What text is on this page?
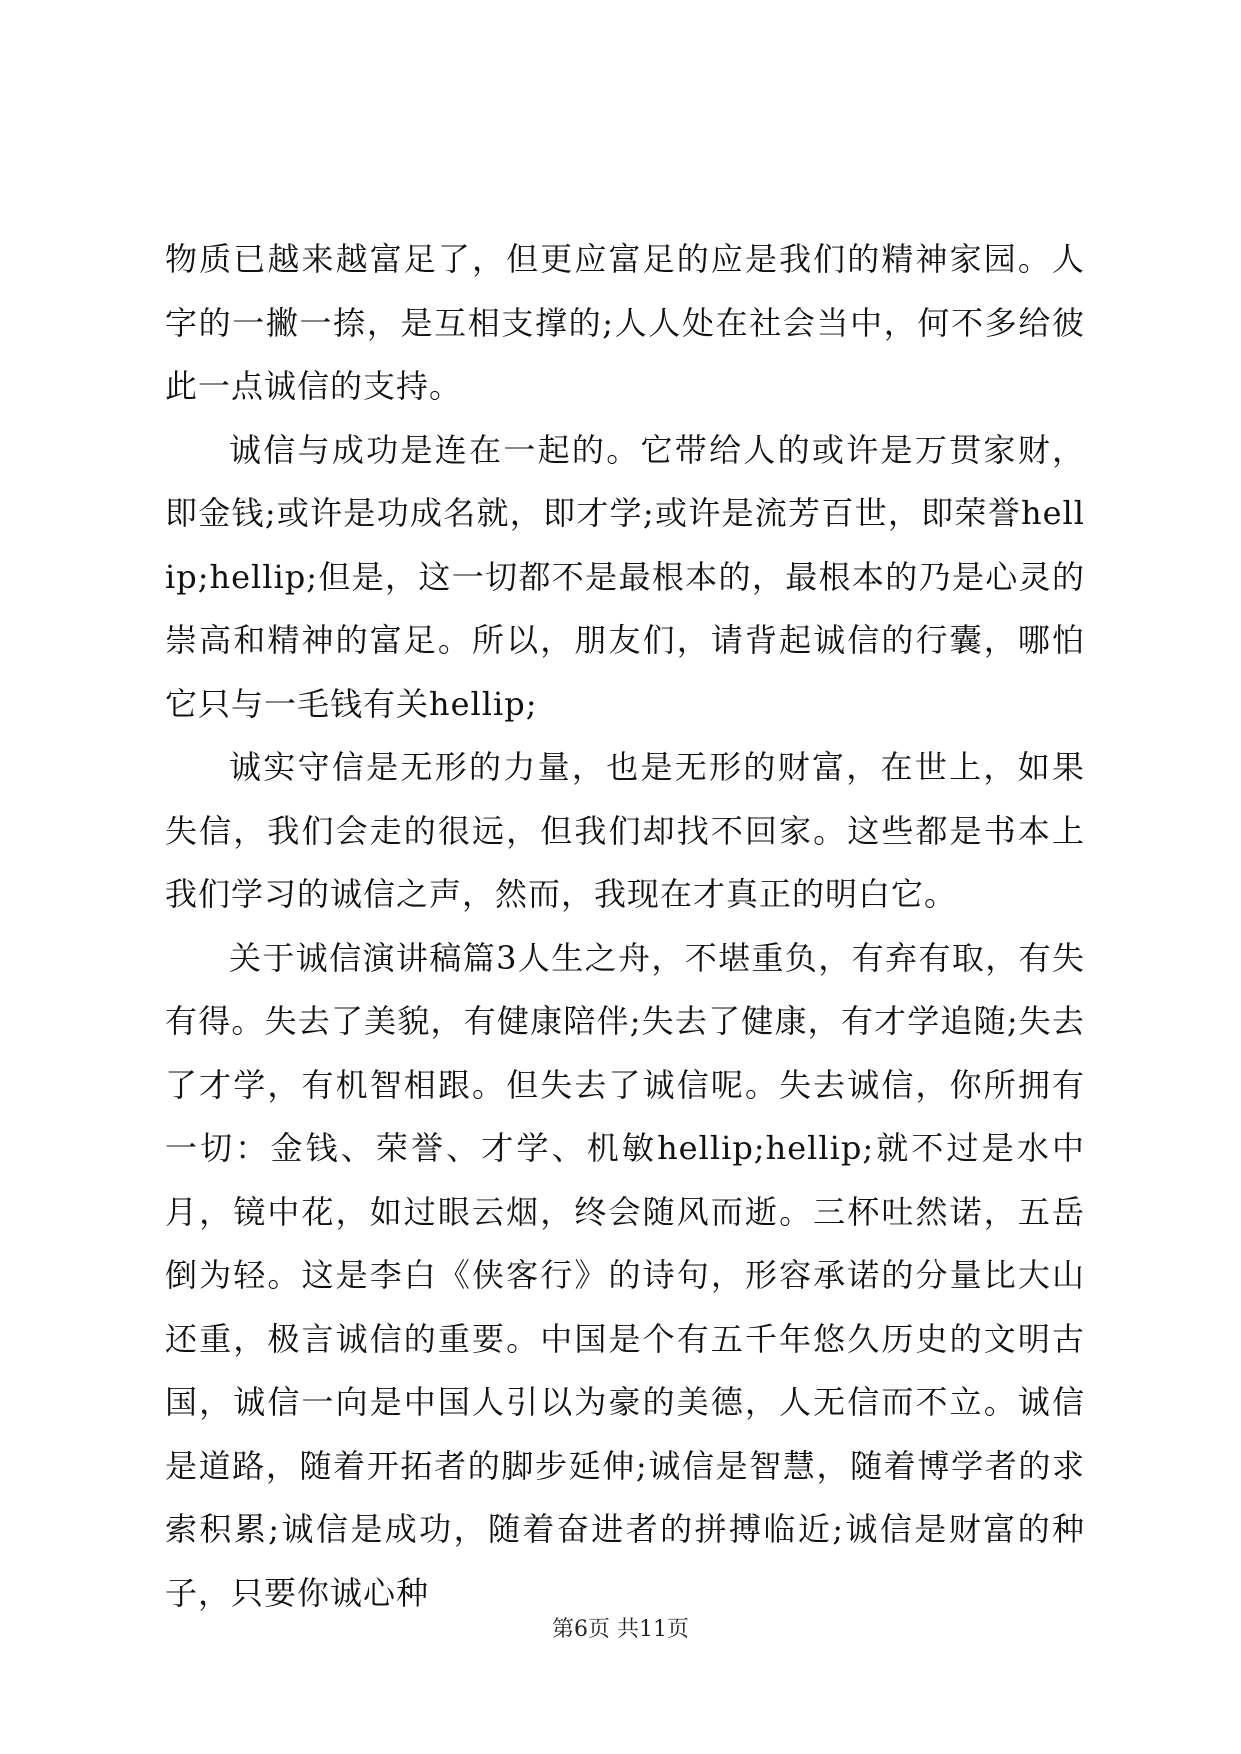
物质已越来越富足了，但更应富足的应是我们的精神家园。人字的一撇一捺，是互相支撑的;人人处在社会当中，何不多给彼此一点诚信的支持。

诚信与成功是连在一起的。它带给人的或许是万贯家财，即金钱;或许是功成名就，即才学;或许是流芳百世，即荣誉hellip;hellip;但是，这一切都不是最根本的，最根本的乃是心灵的崇高和精神的富足。所以，朋友们，请背起诚信的行囊，哪怕它只与一毛钱有关hellip;

诚实守信是无形的力量，也是无形的财富，在世上，如果失信，我们会走的很远，但我们却找不回家。这些都是书本上我们学习的诚信之声，然而，我现在才真正的明白它。

关于诚信演讲稿篇3人生之舟，不堪重负，有弃有取，有失有得。失去了美貌，有健康陪伴;失去了健康，有才学追随;失去了才学，有机智相跟。但失去了诚信呢。失去诚信，你所拥有一切：金钱、荣誉、才学、机敏hellip;hellip;就不过是水中月，镜中花，如过眼云烟，终会随风而逝。三杯吐然诺，五岳倒为轻。这是李白《侠客行》的诗句，形容承诺的分量比大山还重，极言诚信的重要。中国是个有五千年悠久历史的文明古国，诚信一向是中国人引以为豪的美德，人无信而不立。诚信是道路，随着开拓者的脚步延伸;诚信是智慧，随着博学者的求索积累;诚信是成功，随着奋进者的拼搏临近;诚信是财富的种子，只要你诚心种

第6页 共11页
